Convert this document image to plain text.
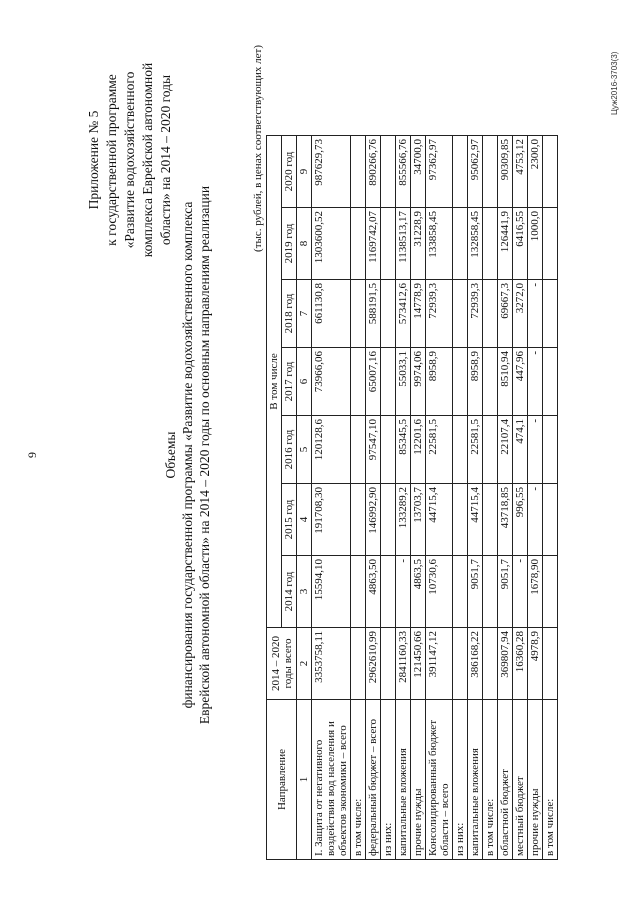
9
Приложение № 5 к государственной программе «Развитие водохозяйственного комплекса Еврейской автономной области» на 2014 – 2020 годы
Объемы финансирования государственной программы «Развитие водохозяйственного комплекса Еврейской автономной области» на 2014 – 2020 годы по основным направлениям реализации
(тыс. рублей, в ценах соответствующих лет)
Направление	2014 – 2020 годы всего	В том числе						
		2014 год	2015 год	2016 год	2017 год	2018 год	2019 год	2020 год
1	2	3	4	5	6	7	8	9
I. Защита от негативного воздействия вод населения и объектов экономики – всего	3353758,11	15594,10	191708,30	120128,6	73966,06	661130,8	1303600,52	987629,73
в том числе:								
федеральный бюджет – всего	2962610,99	4863,50	146992,90	97547,10	65007,16	588191,5	1169742,07	890266,76
из них:								
капитальные вложения	2841160,33	-	133289,2	85345,5	55033,1	573412,6	1138513,17	855566,76
прочие нужды	121450,66	4863,5	13703,7	12201,6	9974,06	14778,9	31228,9	34700,0
Консолидированный бюджет области – всего	391147,12	10730,6	44715,4	22581,5	8958,9	72939,3	133858,45	97362,97
из них:								
капитальные вложения	386168,22	9051,7	44715,4	22581,5	8958,9	72939,3	132858,45	95062,97
в том числе:								
областной бюджет	369807,94	9051,7	43718,85	22107,4	8510,94	69667,3	126441,9	90309,85
местный бюджет	16360,28	-	996,55	474,1	447,96	3272,0	6416,55	4753,12
прочие нужды	4978,9	1678,90	-	-	-	-	1000,0	2300,0
в том числе:								
Цуж2016-3703(3)
